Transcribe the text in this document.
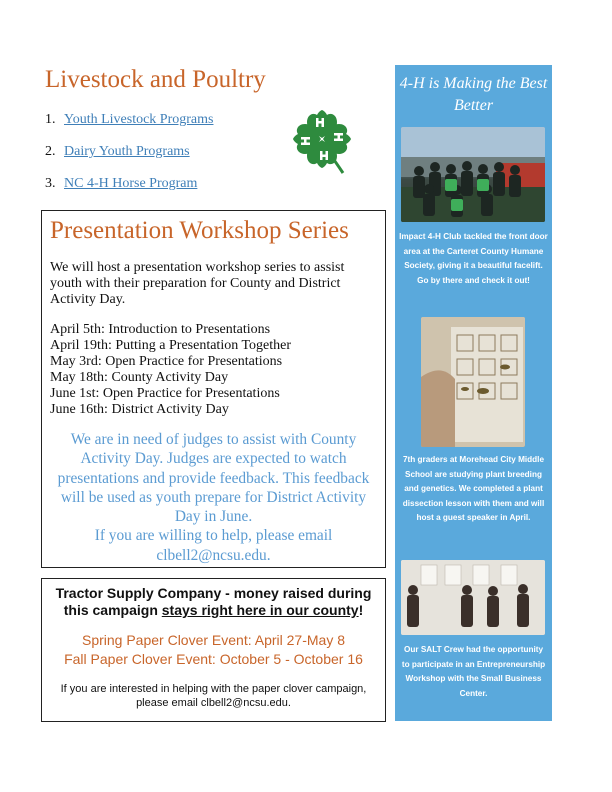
Livestock and Poultry
1. Youth Livestock Programs
2. Dairy Youth Programs
3. NC 4-H Horse Program
Presentation Workshop Series

We will host a presentation workshop series to assist youth with their preparation for County and District Activity Day.

April 5th: Introduction to Presentations
April 19th: Putting a Presentation Together
May 3rd: Open Practice for Presentations
May 18th: County Activity Day
June 1st: Open Practice for Presentations
June 16th: District Activity Day
We are in need of judges to assist with County Activity Day. Judges are expected to watch presentations and provide feedback. This feedback will be used as youth prepare for District Activity Day in June.
If you are willing to help, please email clbell2@ncsu.edu.

Tractor Supply Company - money raised during this campaign stays right here in our county!

Spring Paper Clover Event: April 27-May 8
Fall Paper Clover Event: October 5 - October 16

If you are interested in helping with the paper clover campaign, please email clbell2@ncsu.edu.

4-H is Making the Best Better

Impact 4-H Club tackled the front door area at the Carteret County Humane Society, giving it a beautiful facelift. Go by there and check it out!

7th graders at Morehead City Middle School are studying plant breeding and genetics. We completed a plant dissection lesson with them and will host a guest speaker in April.

Our SALT Crew had the opportunity to participate in an Entrepreneurship Workshop with the Small Business Center.
